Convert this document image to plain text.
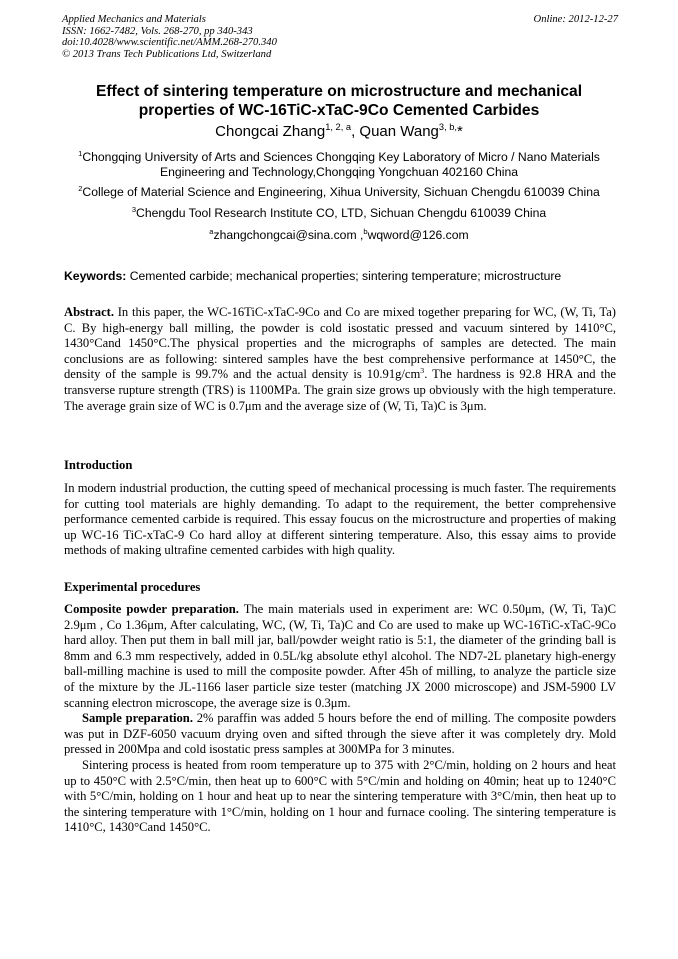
Applied Mechanics and Materials
ISSN: 1662-7482, Vols. 268-270, pp 340-343
doi:10.4028/www.scientific.net/AMM.268-270.340
© 2013 Trans Tech Publications Ltd, Switzerland
Online: 2012-12-27
Effect of sintering temperature on microstructure and mechanical
properties of WC-16TiC-xTaC-9Co Cemented Carbides
Chongcai Zhang$^{1, 2, a}$, Quan Wang$^{3, b,}$*
$^1$Chongqing University of Arts and Sciences Chongqing Key Laboratory of Micro / Nano Materials
Engineering and Technology,Chongqing Yongchuan 402160 China
$^2$College of Material Science and Engineering, Xihua University, Sichuan Chengdu 610039 China
$^3$Chengdu Tool Research Institute CO, LTD, Sichuan Chengdu 610039 China
$^a$zhangchongcai@sina.com ,$^b$wqword@126.com
Keywords: Cemented carbide; mechanical properties; sintering temperature; microstructure

Abstract. In this paper, the WC-16TiC-xTaC-9Co and Co are mixed together preparing for WC, (W, Ti, Ta) C. By high-energy ball milling, the powder is cold isostatic pressed and vacuum sintered by 1410°C, 1430°Cand 1450°C.The physical properties and the micrographs of samples are detected. The main conclusions are as following: sintered samples have the best comprehensive performance at 1450°C, the density of the sample is 99.7% and the actual density is $10.91g/cm^3$. The hardness is 92.8 HRA and the transverse rupture strength (TRS) is 1100MPa. The grain size grows up obviously with the high temperature. The average grain size of WC is 0.7μm and the average size of (W, Ti, Ta)C is 3μm.

Introduction

In modern industrial production, the cutting speed of mechanical processing is much faster. The requirements for cutting tool materials are highly demanding. To adapt to the requirement, the better comprehensive performance cemented carbide is required. This essay foucus on the microstructure and properties of making up WC-16 TiC-xTaC-9 Co hard alloy at different sintering temperature. Also, this essay aims to provide methods of making ultrafine cemented carbides with high quality.

Experimental procedures

Composite powder preparation. The main materials used in experiment are: WC 0.50μm, (W, Ti, Ta)C 2.9μm , Co 1.36μm, After calculating, WC, (W, Ti, Ta)C and Co are used to make up WC-16TiC-xTaC-9Co hard alloy. Then put them in ball mill jar, ball/powder weight ratio is 5:1, the diameter of the grinding ball is 8mm and 6.3 mm respectively, added in 0.5L/kg absolute ethyl alcohol. The ND7-2L planetary high-energy ball-milling machine is used to mill the composite powder. After 45h of milling, to analyze the particle size of the mixture by the JL-1166 laser particle size tester (matching JX 2000 microscope) and JSM-5900 LV scanning electron microscope, the average size is 0.3μm.

Sample preparation. 2% paraffin was added 5 hours before the end of milling. The composite powders was put in DZF-6050 vacuum drying oven and sifted through the sieve after it was completely dry. Mold pressed in 200Mpa and cold isostatic press samples at 300MPa for 3 minutes.

Sintering process is heated from room temperature up to 375 with 2°C/min, holding on 2 hours and heat up to 450°C with 2.5°C/min, then heat up to 600°C with 5°C/min and holding on 40min; heat up to 1240°C with 5°C/min, holding on 1 hour and heat up to near the sintering temperature with 3°C/min, then heat up to the sintering temperature with 1°C/min, holding on 1 hour and furnace cooling. The sintering temperature is 1410°C, 1430°Cand 1450°C.
